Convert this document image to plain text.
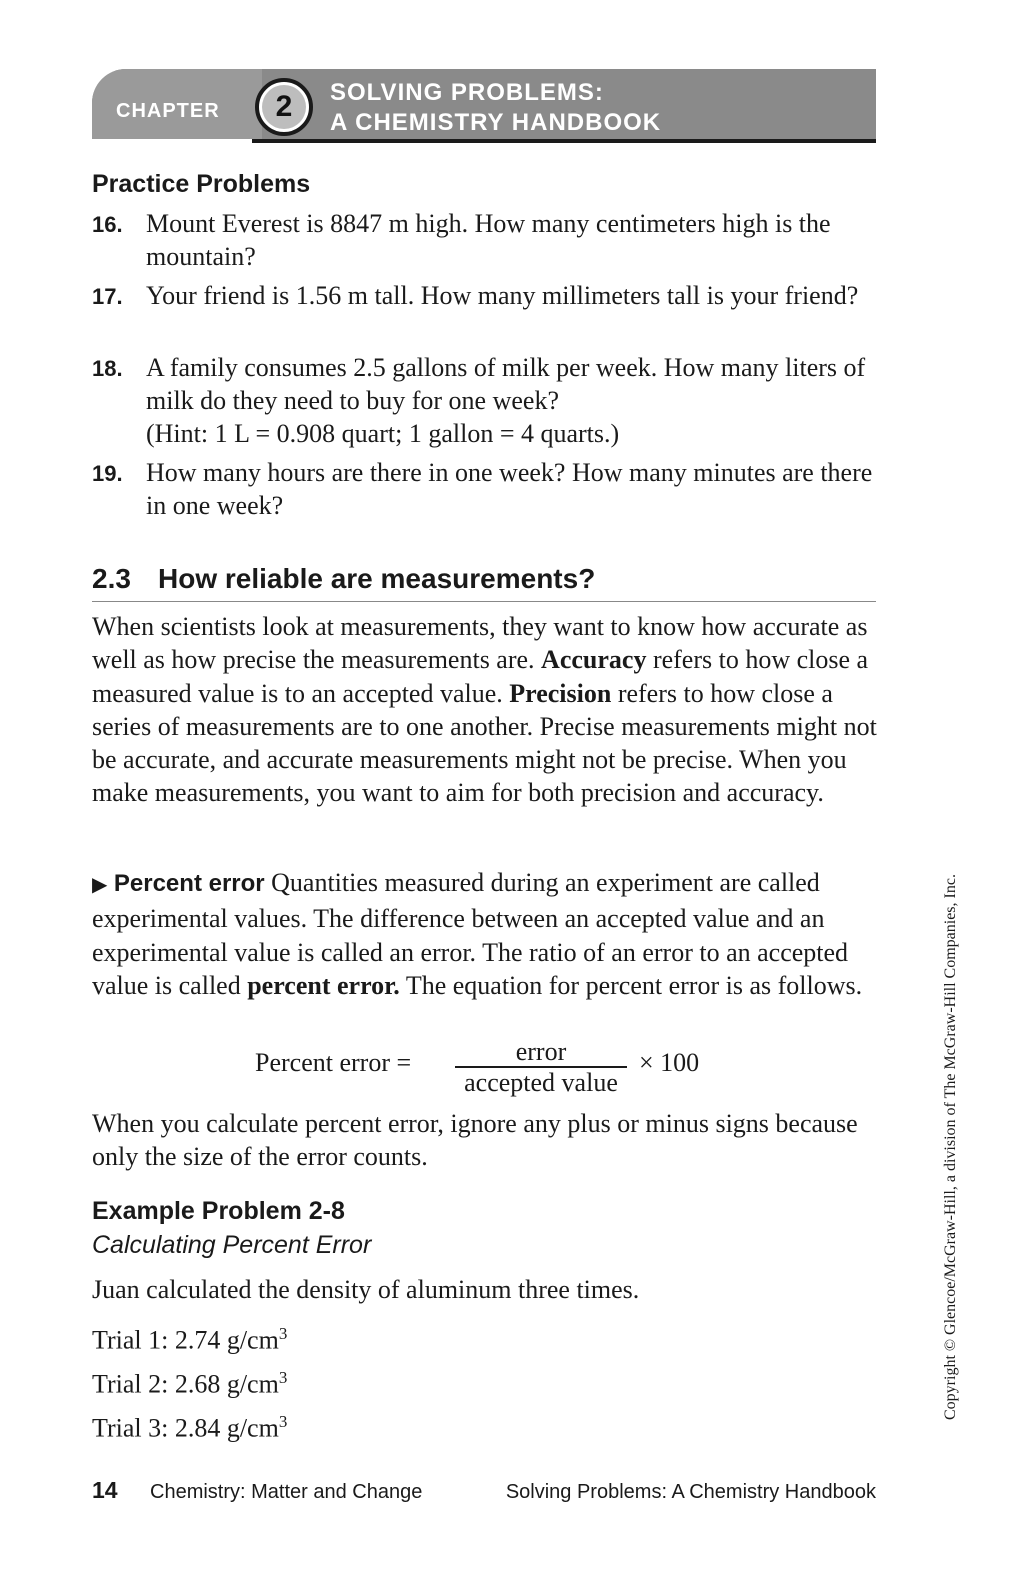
CHAPTER	2	SOLVING PROBLEMS:
A CHEMISTRY HANDBOOK
Practice Problems
16. Mount Everest is 8847 m high. How many centimeters high is the mountain?
17. Your friend is 1.56 m tall. How many millimeters tall is your friend?
18. A family consumes 2.5 gallons of milk per week. How many liters of milk do they need to buy for one week?
(Hint: 1 L = 0.908 quart; 1 gallon = 4 quarts.)
19. How many hours are there in one week? How many minutes are there in one week?
2.3 How reliable are measurements?

When scientists look at measurements, they want to know how accurate as well as how precise the measurements are. Accuracy refers to how close a measured value is to an accepted value. Precision refers to how close a series of measurements are to one another. Precise measurements might not be accurate, and accurate measurements might not be precise. When you make measurements, you want to aim for both precision and accuracy.

▶ Percent error Quantities measured during an experiment are called experimental values. The difference between an accepted value and an experimental value is called an error. The ratio of an error to an accepted value is called percent error. The equation for percent error is as follows.

Percent error =	error
accepted value
× 100

When you calculate percent error, ignore any plus or minus signs because only the size of the error counts.

Example Problem 2-8

Calculating Percent Error

Juan calculated the density of aluminum three times.

Trial 1: 2.74 $g/cm^3$
Trial 2: 2.68 $g/cm^3$
Trial 3: 2.84 $g/cm^3$
14 Chemistry: Matter and Change	Solving Problems: A Chemistry Handbook
Copyright © Glencoe/McGraw-Hill, a division of The McGraw-Hill Companies, Inc.
